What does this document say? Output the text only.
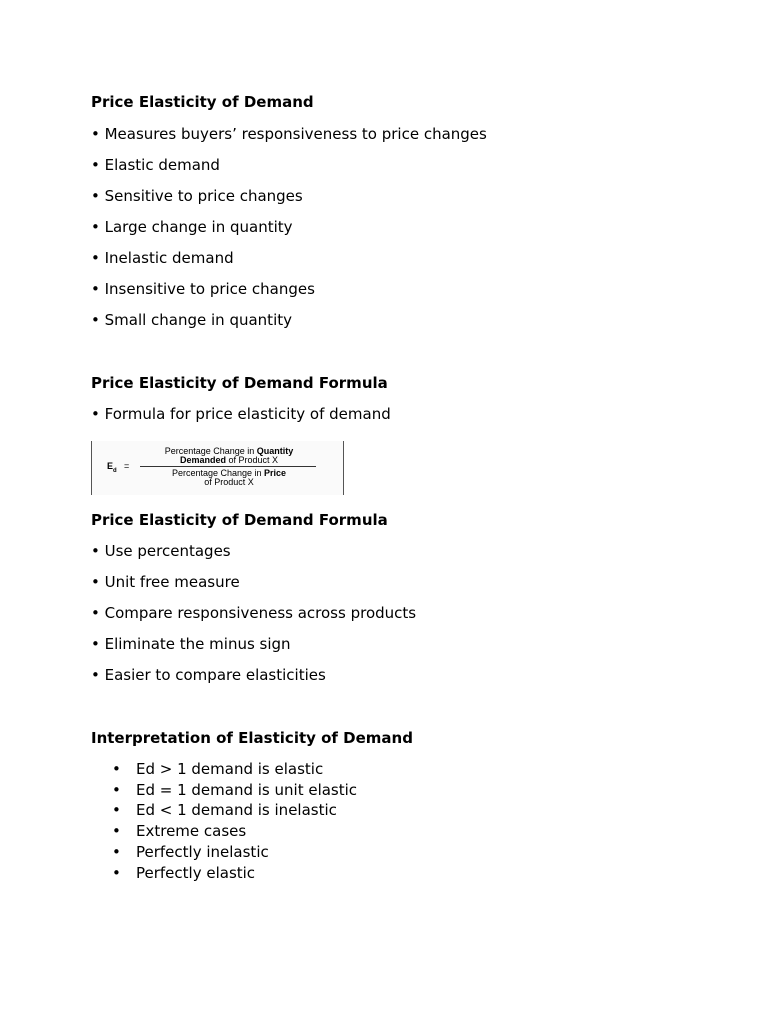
Price Elasticity of Demand

• Measures buyers’ responsiveness to price changes

• Elastic demand

• Sensitive to price changes

• Large change in quantity

• Inelastic demand

• Insensitive to price changes

• Small change in quantity

Price Elasticity of Demand Formula

• Formula for price elasticity of demand

$E_d$ =
Percentage Change in Quantity
Demanded of Product X
Percentage Change in Price
of Product X

Price Elasticity of Demand Formula

• Use percentages

• Unit free measure

• Compare responsiveness across products

• Eliminate the minus sign

• Easier to compare elasticities

Interpretation of Elasticity of Demand

• Ed > 1 demand is elastic
• Ed = 1 demand is unit elastic
• Ed < 1 demand is inelastic
• Extreme cases
• Perfectly inelastic
• Perfectly elastic
